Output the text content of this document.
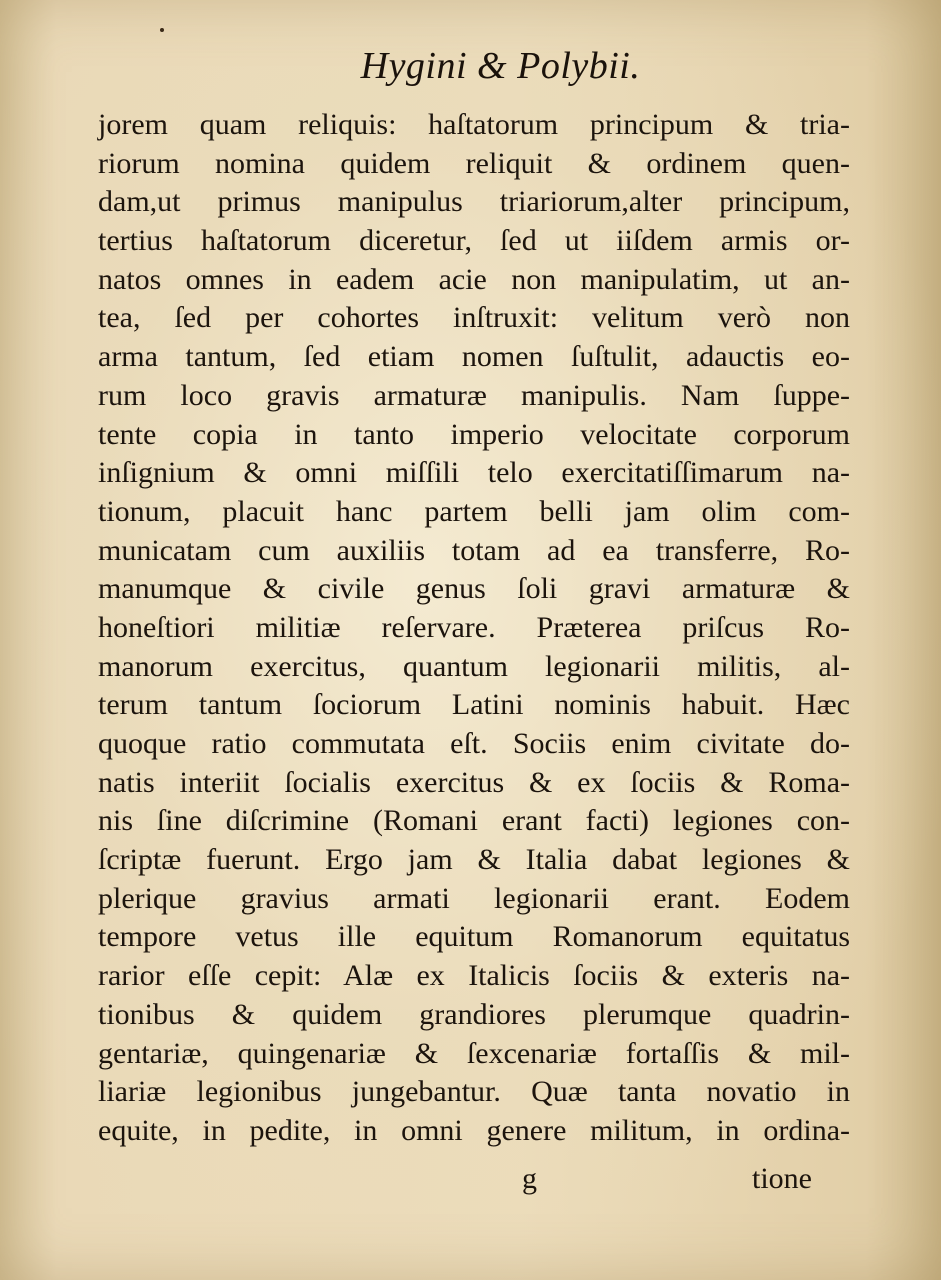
Hygini & Polybii.
jorem quam reliquis: haſtatorum principum & tria-
riorum nomina quidem reliquit & ordinem quen-
dam,ut primus manipulus triariorum,alter principum,
tertius haſtatorum diceretur, ſed ut iiſdem armis or-
natos omnes in eadem acie non manipulatim, ut an-
tea, ſed per cohortes inſtruxit: velitum verò non
arma tantum, ſed etiam nomen ſuſtulit, adauctis eo-
rum loco gravis armaturæ manipulis. Nam ſuppe-
tente copia in tanto imperio velocitate corporum
inſignium & omni miſſili telo exercitatiſſimarum na-
tionum, placuit hanc partem belli jam olim com-
municatam cum auxiliis totam ad ea transferre, Ro-
manumque & civile genus ſoli gravi armaturæ &
honeſtiori militiæ reſervare. Præterea priſcus Ro-
manorum exercitus, quantum legionarii militis, al-
terum tantum ſociorum Latini nominis habuit. Hæc
quoque ratio commutata eſt. Sociis enim civitate do-
natis interiit ſocialis exercitus & ex ſociis & Roma-
nis ſine diſcrimine (Romani erant facti) legiones con-
ſcriptæ fuerunt. Ergo jam & Italia dabat legiones &
plerique gravius armati legionarii erant. Eodem
tempore vetus ille equitum Romanorum equitatus
rarior eſſe cepit: Alæ ex Italicis ſociis & exteris na-
tionibus & quidem grandiores plerumque quadrin-
gentariæ, quingenariæ & ſexcenariæ fortaſſis & mil-
liariæ legionibus jungebantur. Quæ tanta novatio in
equite, in pedite, in omni genere militum, in ordina-
g	tione
